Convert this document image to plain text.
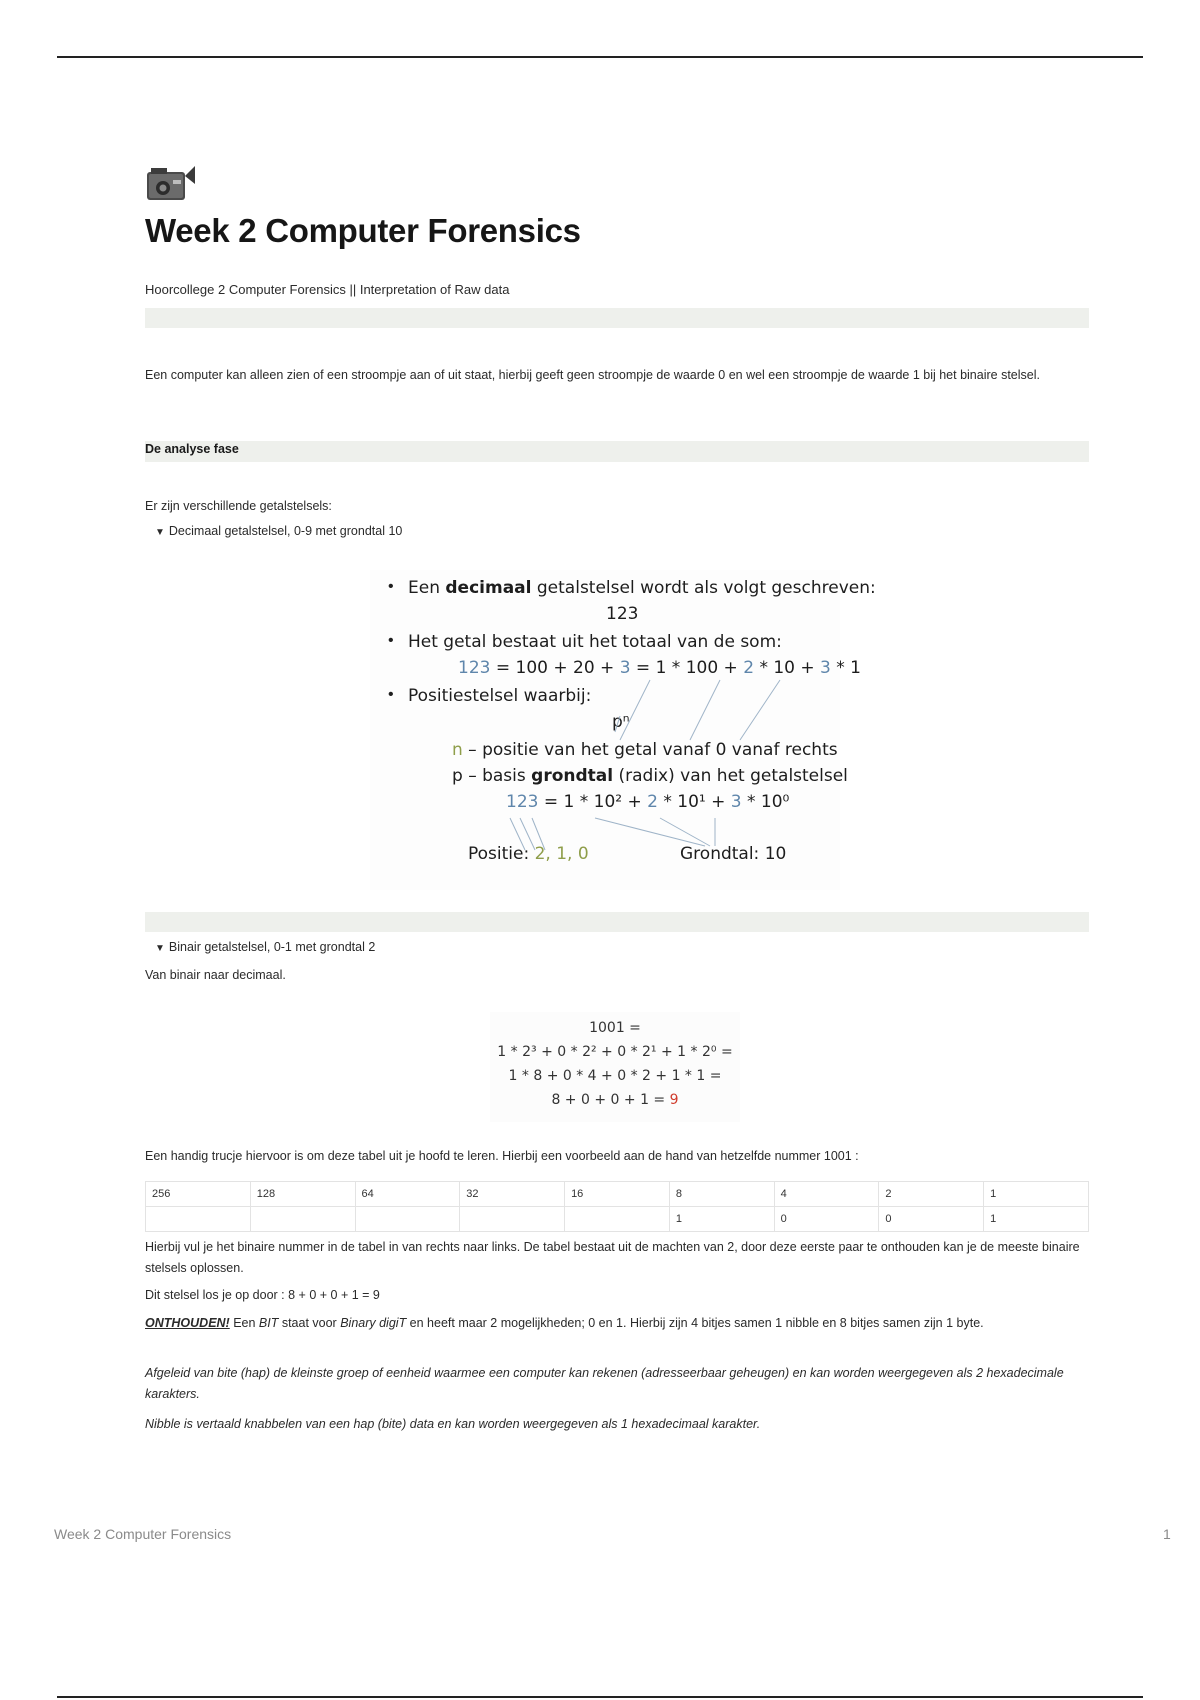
Week 2 Computer Forensics
Hoorcollege 2 Computer Forensics || Interpretation of Raw data
Een computer kan alleen zien of een stroompje aan of uit staat, hierbij geeft geen stroompje de waarde 0 en wel een stroompje de waarde 1 bij het binaire stelsel.
De analyse fase
Er zijn verschillende getalstelsels:
▼ Decimaal getalstelsel, 0-9 met grondtal 10
• Een decimaal getalstelsel wordt als volgt geschreven:
123
• Het getal bestaat uit het totaal van de som:
123 = 100 + 20 + 3 = 1 * 100 + 2 * 10 + 3 * 1
• Positiestelsel waarbij:
pⁿ
n – positie van het getal vanaf 0 vanaf rechts
p – basis grondtal (radix) van het getalstelsel
123 = 1 * 10² + 2 * 10¹ + 3 * 10⁰
Positie: 2, 1, 0	Grondtal: 10
▼ Binair getalstelsel, 0-1 met grondtal 2
Van binair naar decimaal.
1001 =
1 * 2³ + 0 * 2² + 0 * 2¹ + 1 * 2⁰ =
1 * 8 + 0 * 4 + 0 * 2 + 1 * 1 =
8 + 0 + 0 + 1 = 9
Een handig trucje hiervoor is om deze tabel uit je hoofd te leren. Hierbij een voorbeeld aan de hand van hetzelfde nummer 1001 :
256	128	64	32	16	8	4	2	1
					1	0	0	1
Hierbij vul je het binaire nummer in de tabel in van rechts naar links. De tabel bestaat uit de machten van 2, door deze eerste paar te onthouden kan je de meeste binaire stelsels oplossen.
Dit stelsel los je op door : 8 + 0 + 0 + 1 = 9
ONTHOUDEN! Een BIT staat voor Binary digiT en heeft maar 2 mogelijkheden; 0 en 1. Hierbij zijn 4 bitjes samen 1 nibble en 8 bitjes samen zijn 1 byte.
Afgeleid van bite (hap) de kleinste groep of eenheid waarmee een computer kan rekenen (adresseerbaar geheugen) en kan worden weergegeven als 2 hexadecimale karakters.
Nibble is vertaald knabbelen van een hap (bite) data en kan worden weergegeven als 1 hexadecimaal karakter.
Week 2 Computer Forensics	1
